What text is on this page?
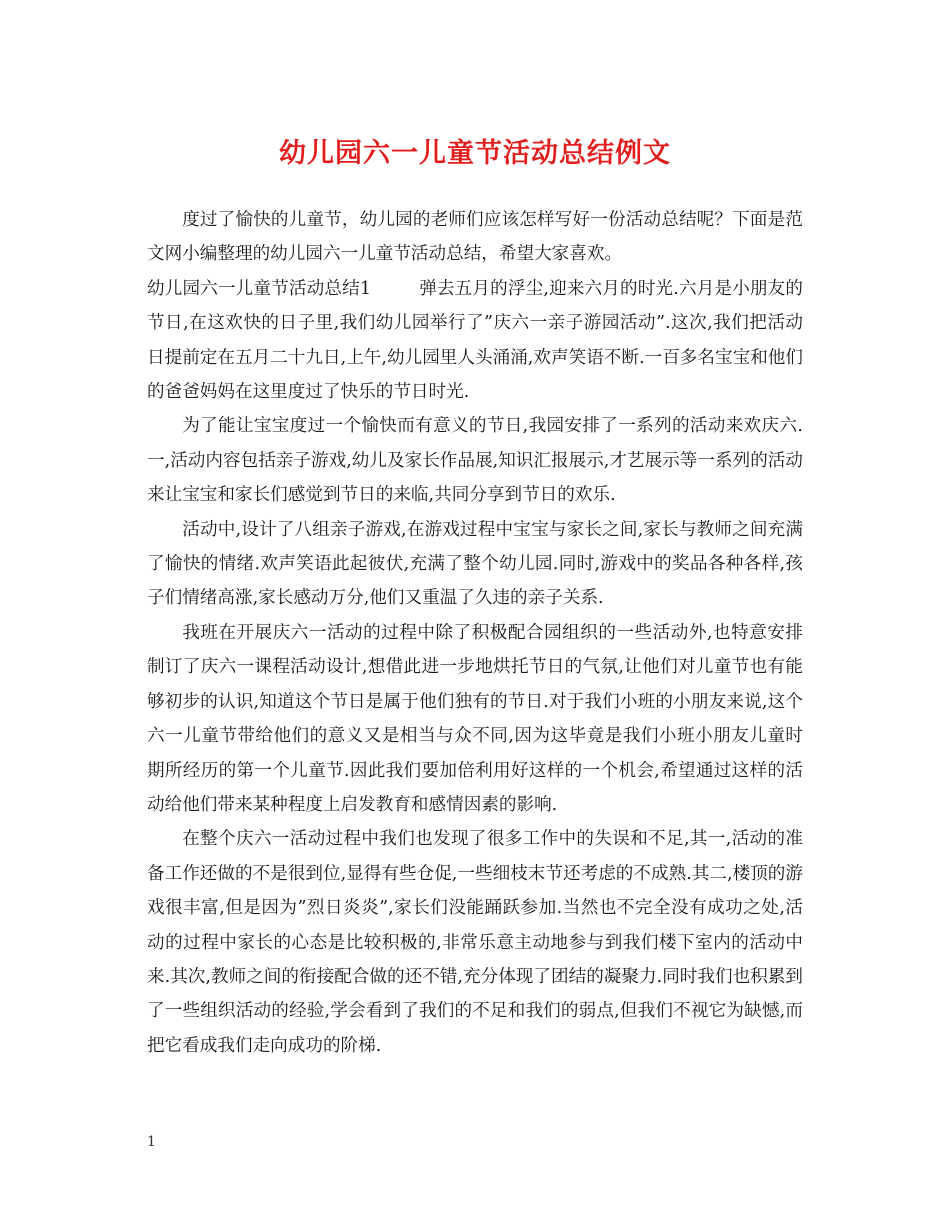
幼儿园六一儿童节活动总结例文

度过了愉快的儿童节，幼儿园的老师们应该怎样写好一份活动总结呢？下面是范文网小编整理的幼儿园六一儿童节活动总结，希望大家喜欢。

幼儿园六一儿童节活动总结1	弹去五月的浮尘,迎来六月的时光.六月是小朋友的节日,在这欢快的日子里,我们幼儿园举行了”庆六一亲子游园活动”.这次,我们把活动日提前定在五月二十九日,上午,幼儿园里人头涌涌,欢声笑语不断.一百多名宝宝和他们的爸爸妈妈在这里度过了快乐的节日时光.

为了能让宝宝度过一个愉快而有意义的节日,我园安排了一系列的活动来欢庆六.一,活动内容包括亲子游戏,幼儿及家长作品展,知识汇报展示,才艺展示等一系列的活动来让宝宝和家长们感觉到节日的来临,共同分享到节日的欢乐.

活动中,设计了八组亲子游戏,在游戏过程中宝宝与家长之间,家长与教师之间充满了愉快的情绪.欢声笑语此起彼伏,充满了整个幼儿园.同时,游戏中的奖品各种各样,孩子们情绪高涨,家长感动万分,他们又重温了久违的亲子关系.

我班在开展庆六一活动的过程中除了积极配合园组织的一些活动外,也特意安排制订了庆六一课程活动设计,想借此进一步地烘托节日的气氛,让他们对儿童节也有能够初步的认识,知道这个节日是属于他们独有的节日.对于我们小班的小朋友来说,这个六一儿童节带给他们的意义又是相当与众不同,因为这毕竟是我们小班小朋友儿童时期所经历的第一个儿童节.因此我们要加倍利用好这样的一个机会,希望通过这样的活动给他们带来某种程度上启发教育和感情因素的影响.

在整个庆六一活动过程中我们也发现了很多工作中的失误和不足,其一,活动的准备工作还做的不是很到位,显得有些仓促,一些细枝末节还考虑的不成熟.其二,楼顶的游戏很丰富,但是因为”烈日炎炎”,家长们没能踊跃参加.当然也不完全没有成功之处,活动的过程中家长的心态是比较积极的,非常乐意主动地参与到我们楼下室内的活动中来.其次,教师之间的衔接配合做的还不错,充分体现了团结的凝聚力.同时我们也积累到了一些组织活动的经验,学会看到了我们的不足和我们的弱点,但我们不视它为缺憾,而把它看成我们走向成功的阶梯.

1
